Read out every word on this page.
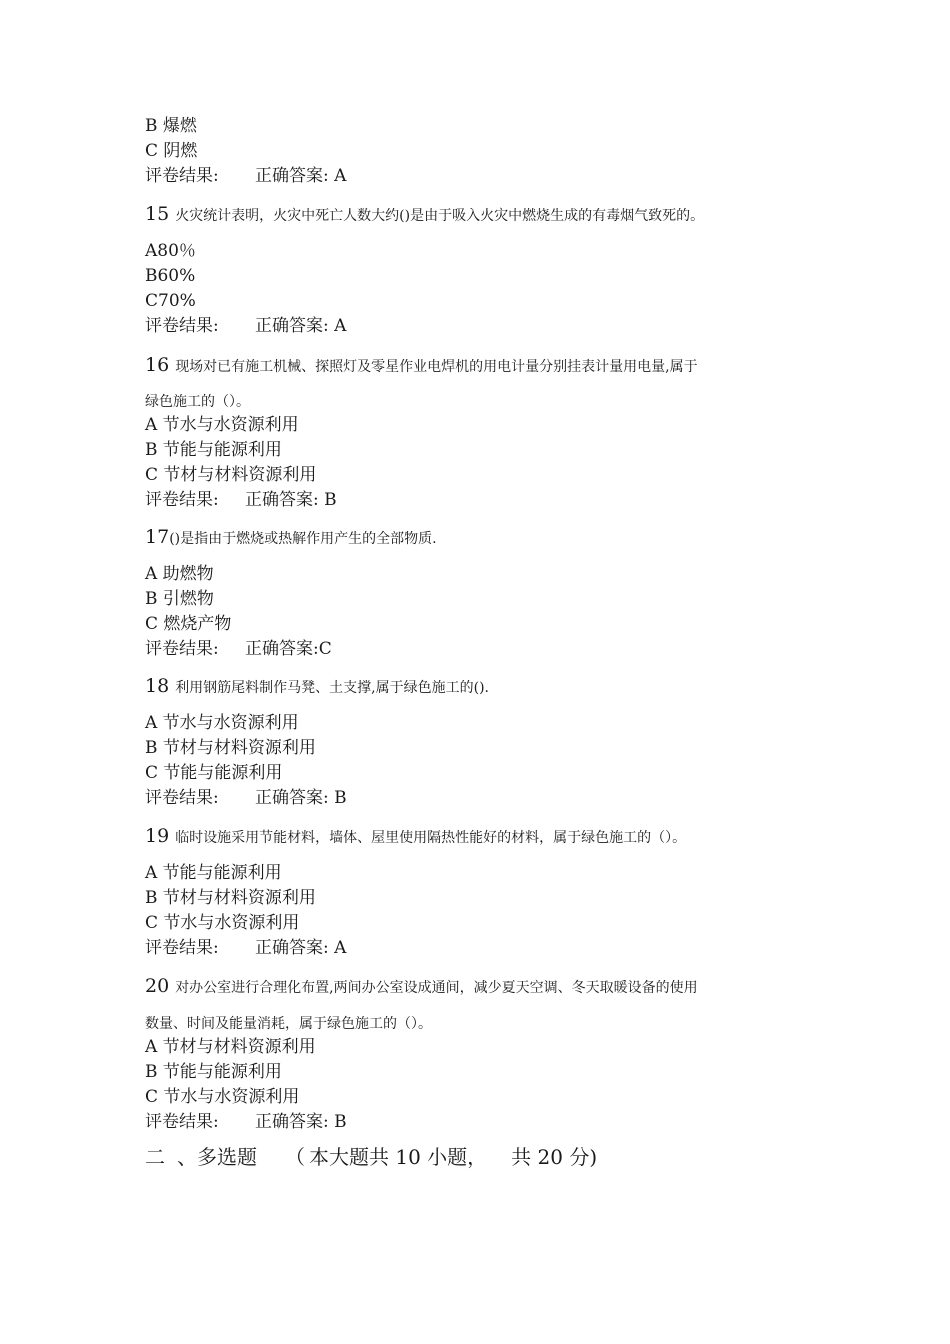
B 爆燃
C 阴燃
评卷结果: 正确答案: A
15 火灾统计表明，火灾中死亡人数大约()是由于吸入火灾中燃烧生成的有毒烟气致死的。
A80％
B60%
C70%
评卷结果: 正确答案: A
16 现场对已有施工机械、探照灯及零星作业电焊机的用电计量分别挂表计量用电量,属于
绿色施工的（）。
A 节水与水资源利用
B 节能与能源利用
C 节材与材料资源利用
评卷结果: 正确答案: B
17()是指由于燃烧或热解作用产生的全部物质.
A 助燃物
B 引燃物
C 燃烧产物
评卷结果: 正确答案:C
18 利用钢筋尾料制作马凳、土支撑,属于绿色施工的().
A 节水与水资源利用
B 节材与材料资源利用
C 节能与能源利用
评卷结果: 正确答案: B
19 临时设施采用节能材料，墙体、屋里使用隔热性能好的材料，属于绿色施工的（）。
A 节能与能源利用
B 节材与材料资源利用
C 节水与水资源利用
评卷结果: 正确答案: A
20 对办公室进行合理化布置,两间办公室设成通间，减少夏天空调、冬天取暖设备的使用
数量、时间及能量消耗，属于绿色施工的（）。
A 节材与材料资源利用
B 节能与能源利用
C 节水与水资源利用
评卷结果: 正确答案: B
二 、多选题 （ 本大题共 10 小题， 共 20 分)
